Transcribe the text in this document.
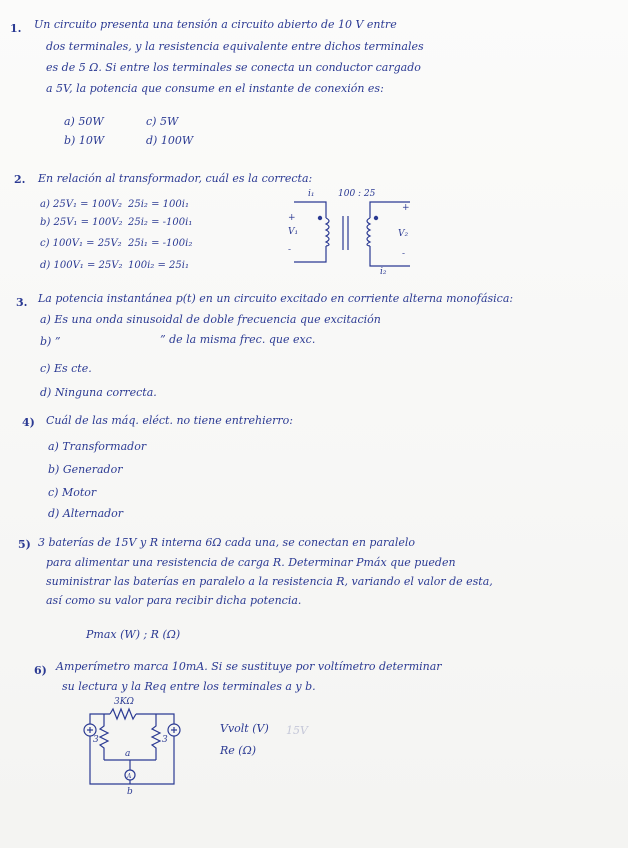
1. Un circuito presenta una tensión a circuito abierto de 10 V entre
dos terminales, y la resistencia equivalente entre dichos terminales
es de 5 Ω. Si entre los terminales se conecta un conductor cargado
a 5V, la potencia que consume en el instante de conexión es:
a) 50W	c) 5W
b) 10W	d) 100W
2. En relación al transformador, cuál es la correcta:
a) 25V₁ = 100V₂ 25i₂ = 100i₁
b) 25V₁ = 100V₂ 25i₂ = -100i₁
c) 100V₁ = 25V₂ 25i₁ = -100i₂
d) 100V₁ = 25V₂ 100i₂ = 25i₁
i₁	100 : 25
+
V₁
-
+
V₂
-
i₂
3. La potencia instantánea p(t) en un circuito excitado en corriente alterna monofásica:
a) Es una onda sinusoidal de doble frecuencia que excitación
b) ”	” de la misma frec. que exc.
c) Es cte.
d) Ninguna correcta.
4) Cuál de las máq. eléct. no tiene entrehierro:
a) Transformador
b) Generador
c) Motor
d) Alternador
5) 3 baterías de 15V y R interna 6Ω cada una, se conectan en paralelo
para alimentar una resistencia de carga R. Determinar Pmáx que pueden
suministrar las baterías en paralelo a la resistencia R, variando el valor de esta,
así como su valor para recibir dicha potencia.
Pmax (W) ; R (Ω)
6) Amperímetro marca 10mA. Si se sustituye por voltímetro determinar
su lectura y la Req entre los terminales a y b.
Vvolt (V) 15V
Re (Ω)
3KΩ
3	3
a
A
b
